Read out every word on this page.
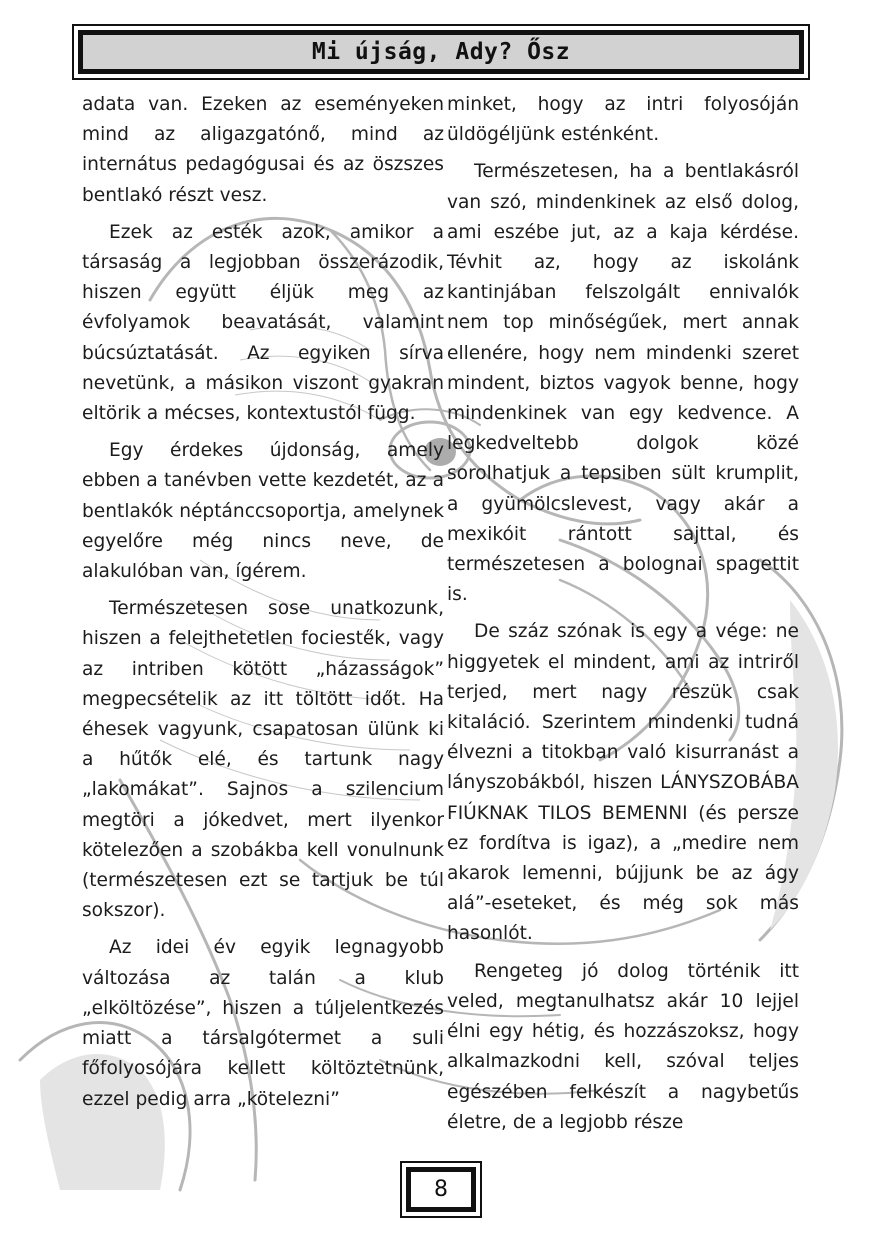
Mi újság, Ady? Ősz

adata van. Ezeken az eseményeken mind az aligazgatónő, mind az internátus pedagógusai és az öszszes bentlakó részt vesz.

Ezek az esték azok, amikor a társaság a legjobban összerázodik, hiszen együtt éljük meg az évfolyamok beavatását, valamint búcsúztatását. Az egyiken sírva nevetünk, a másikon viszont gyakran eltörik a mécses, kontextustól függ.

Egy érdekes újdonság, amely ebben a tanévben vette kezdetét, az a bentlakók néptánccsoportja, amelynek egyelőre még nincs neve, de alakulóban van, ígérem.

Természetesen sose unatkozunk, hiszen a felejthetetlen focieste̋k, vagy az intriben kötött „házasságok” megpecsételik az itt töltött időt. Ha éhesek vagyunk, csapatosan ülünk ki a hűtők elé, és tartunk nagy „lakomákat”. Sajnos a szilencium megtöri a jókedvet, mert ilyenkor kötelezően a szobákba kell vonulnunk (természetesen ezt se tartjuk be túl sokszor).

Az idei év egyik legnagyobb változása az talán a klub „elköltözése”, hiszen a túljelentkezés miatt a társalgótermet a suli főfolyosójára kellett költöztetnünk, ezzel pedig arra „kötelezni”

minket, hogy az intri folyosóján üldögéljünk esténként.

Természetesen, ha a bentlakásról van szó, mindenkinek az első dolog, ami eszébe jut, az a kaja kérdése. Tévhit az, hogy az iskolánk kantinjában felszolgált ennivalók nem top minőségűek, mert annak ellenére, hogy nem mindenki szeret mindent, biztos vagyok benne, hogy mindenkinek van egy kedvence. A legkedveltebb dolgok közé sorolhatjuk a tepsiben sült krumplit, a gyümölcslevest, vagy akár a mexikóit rántott sajttal, és természetesen a bolognai spagettit is.

De száz szónak is egy a vége: ne higgyetek el mindent, ami az intriről terjed, mert nagy részük csak kitaláció. Szerintem mindenki tudná élvezni a titokban való kisurranást a lányszobákból, hiszen LÁNYSZOBÁBA FIÚKNAK TILOS BEMENNI (és persze ez fordítva is igaz), a „medire nem akarok lemenni, bújjunk be az ágy alá”-eseteket, és még sok más hasonlót.

Rengeteg jó dolog történik itt veled, megtanulhatsz akár 10 lejjel élni egy hétig, és hozzászoksz, hogy alkalmazkodni kell, szóval teljes egészében felkészít a nagybetűs életre, de a legjobb része

8
